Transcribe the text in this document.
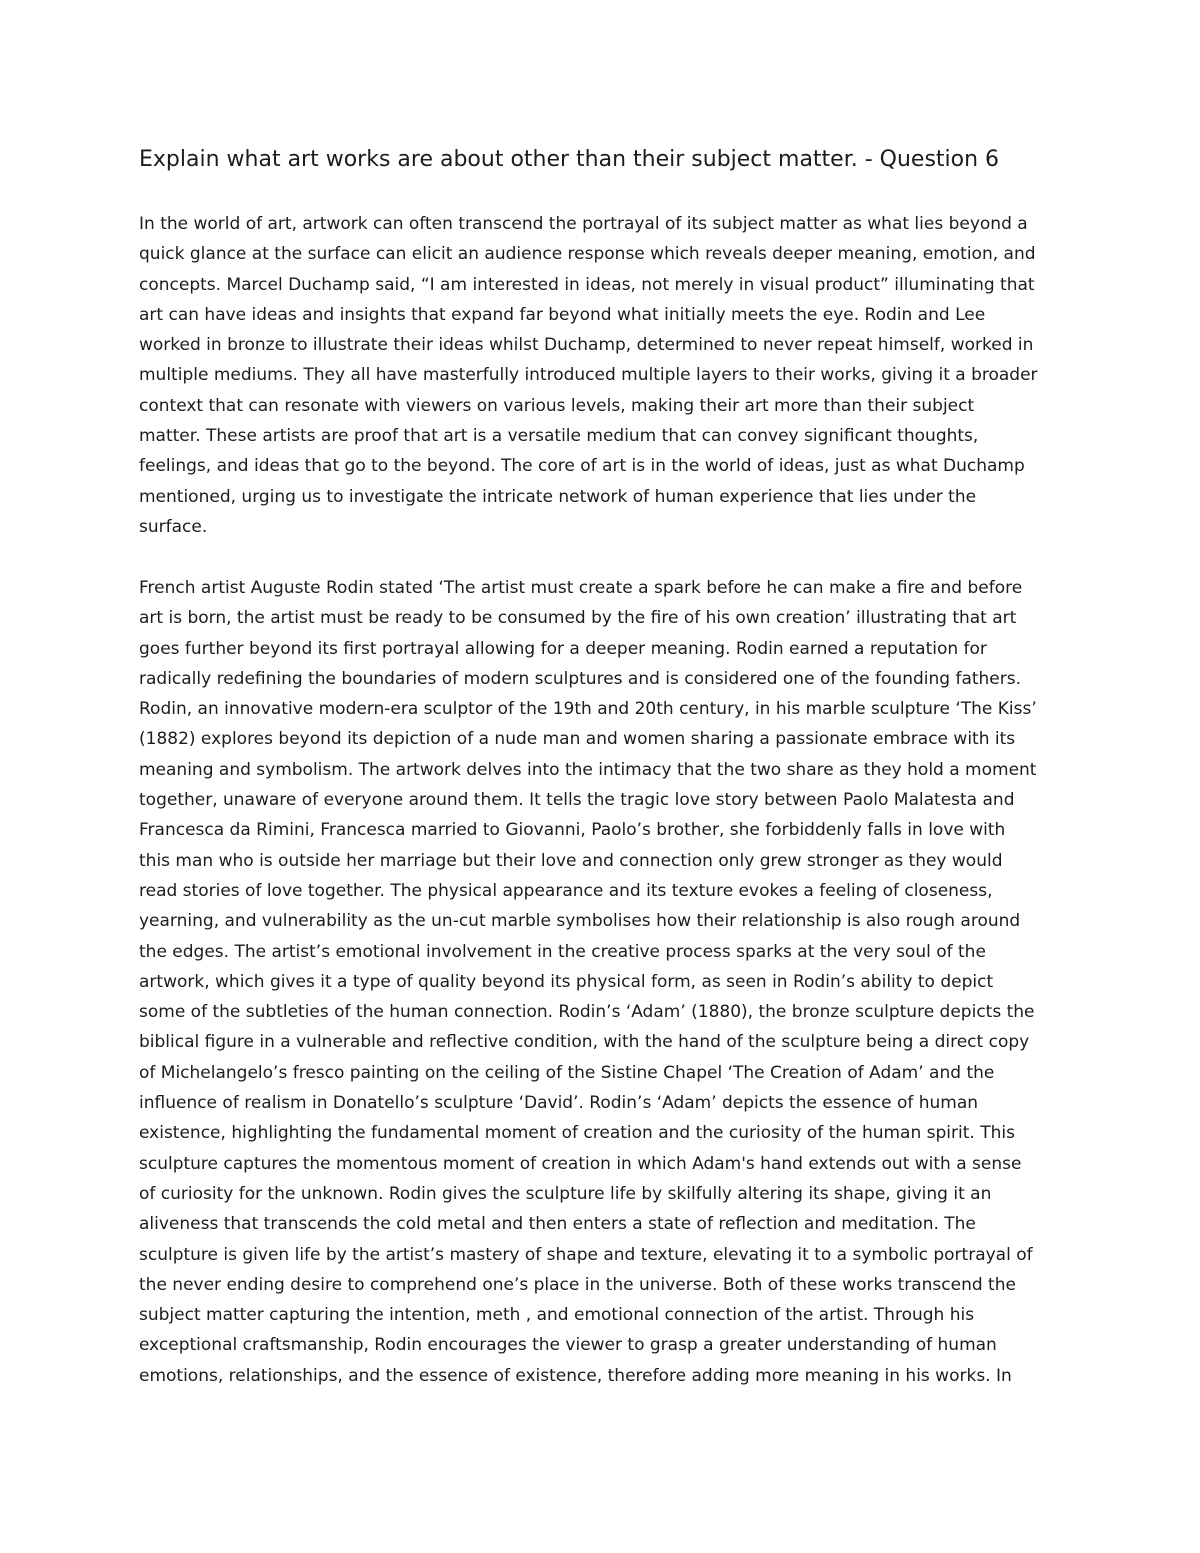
Explain what art works are about other than their subject matter. - Question 6
In the world of art, artwork can often transcend the portrayal of its subject matter as what lies beyond a
quick glance at the surface can elicit an audience response which reveals deeper meaning, emotion, and
concepts. Marcel Duchamp said, “I am interested in ideas, not merely in visual product” illuminating that
art can have ideas and insights that expand far beyond what initially meets the eye. Rodin and Lee
worked in bronze to illustrate their ideas whilst Duchamp, determined to never repeat himself, worked in
multiple mediums. They all have masterfully introduced multiple layers to their works, giving it a broader
context that can resonate with viewers on various levels, making their art more than their subject
matter. These artists are proof that art is a versatile medium that can convey significant thoughts,
feelings, and ideas that go to the beyond. The core of art is in the world of ideas, just as what Duchamp
mentioned, urging us to investigate the intricate network of human experience that lies under the
surface.
French artist Auguste Rodin stated ‘The artist must create a spark before he can make a fire and before
art is born, the artist must be ready to be consumed by the fire of his own creation’ illustrating that art
goes further beyond its first portrayal allowing for a deeper meaning. Rodin earned a reputation for
radically redefining the boundaries of modern sculptures and is considered one of the founding fathers.
Rodin, an innovative modern-era sculptor of the 19th and 20th century, in his marble sculpture ‘The Kiss’
(1882) explores beyond its depiction of a nude man and women sharing a passionate embrace with its
meaning and symbolism. The artwork delves into the intimacy that the two share as they hold a moment
together, unaware of everyone around them. It tells the tragic love story between Paolo Malatesta and
Francesca da Rimini, Francesca married to Giovanni, Paolo’s brother, she forbiddenly falls in love with
this man who is outside her marriage but their love and connection only grew stronger as they would
read stories of love together. The physical appearance and its texture evokes a feeling of closeness,
yearning, and vulnerability as the un-cut marble symbolises how their relationship is also rough around
the edges. The artist’s emotional involvement in the creative process sparks at the very soul of the
artwork, which gives it a type of quality beyond its physical form, as seen in Rodin’s ability to depict
some of the subtleties of the human connection. Rodin’s ‘Adam’ (1880), the bronze sculpture depicts the
biblical figure in a vulnerable and reflective condition, with the hand of the sculpture being a direct copy
of Michelangelo’s fresco painting on the ceiling of the Sistine Chapel ‘The Creation of Adam’ and the
influence of realism in Donatello’s sculpture ‘David’. Rodin’s ‘Adam’ depicts the essence of human
existence, highlighting the fundamental moment of creation and the curiosity of the human spirit. This
sculpture captures the momentous moment of creation in which Adam's hand extends out with a sense
of curiosity for the unknown. Rodin gives the sculpture life by skilfully altering its shape, giving it an
aliveness that transcends the cold metal and then enters a state of reflection and meditation. The
sculpture is given life by the artist’s mastery of shape and texture, elevating it to a symbolic portrayal of
the never ending desire to comprehend one’s place in the universe. Both of these works transcend the
subject matter capturing the intention, meth , and emotional connection of the artist. Through his
exceptional craftsmanship, Rodin encourages the viewer to grasp a greater understanding of human
emotions, relationships, and the essence of existence, therefore adding more meaning in his works. In
